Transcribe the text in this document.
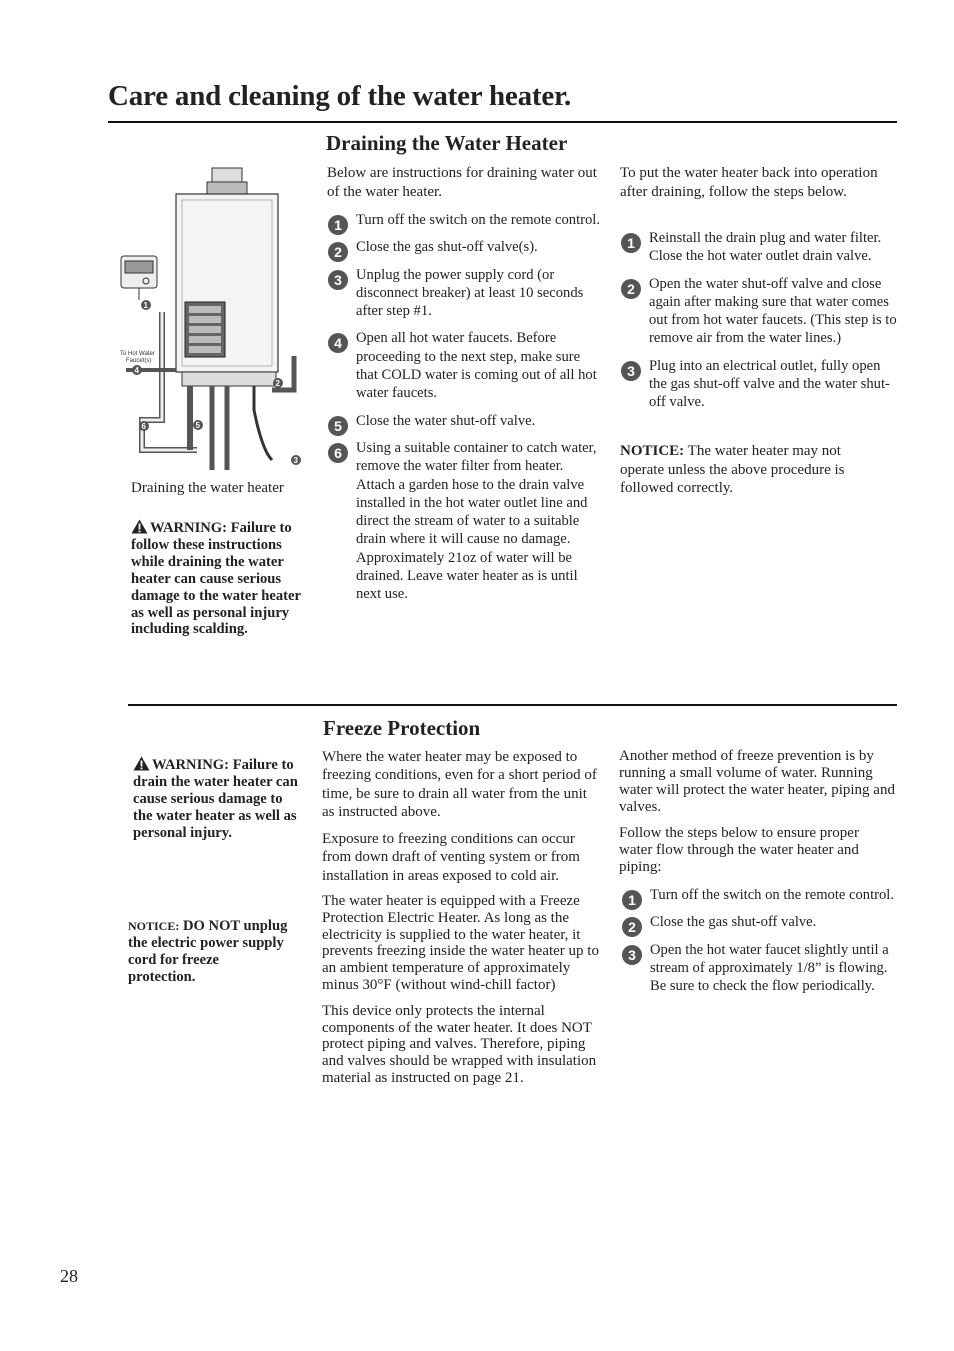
Care and cleaning of the water heater.
To Hot Water
Faucet(s)
1
2
3
4
5
6
Draining the water heater

WARNING: Failure to follow these instructions while draining the water heater can cause serious damage to the water heater as well as personal injury including scalding.

Draining the Water Heater

Below are instructions for draining water out of the water heater.

1 Turn off the switch on the remote control.
2 Close the gas shut-off valve(s).
3 Unplug the power supply cord (or disconnect breaker) at least 10 seconds after step #1.
4 Open all hot water faucets. Before proceeding to the next step, make sure that COLD water is coming out of all hot water faucets.
5 Close the water shut-off valve.
6 Using a suitable container to catch water, remove the water filter from heater. Attach a garden hose to the drain valve installed in the hot water outlet line and direct the stream of water to a suitable drain where it will cause no damage. Approximately 21oz of water will be drained. Leave water heater as is until next use.

To put the water heater back into operation after draining, follow the steps below.

1 Reinstall the drain plug and water filter. Close the hot water outlet drain valve.
2 Open the water shut-off valve and close again after making sure that water comes out from hot water faucets. (This step is to remove air from the water lines.)
3 Plug into an electrical outlet, fully open the gas shut-off valve and the water shut-off valve.

NOTICE: The water heater may not operate unless the above procedure is followed correctly.

Freeze Protection

WARNING: Failure to drain the water heater can cause serious damage to the water heater as well as personal injury.

NOTICE: DO NOT unplug the electric power supply cord for freeze protection.

Where the water heater may be exposed to freezing conditions, even for a short period of time, be sure to drain all water from the unit as instructed above.

Exposure to freezing conditions can occur from down draft of venting system or from installation in areas exposed to cold air.

The water heater is equipped with a Freeze Protection Electric Heater. As long as the electricity is supplied to the water heater, it prevents freezing inside the water heater up to an ambient temperature of approximately minus 30°F (without wind-chill factor)

This device only protects the internal components of the water heater. It does NOT protect piping and valves. Therefore, piping and valves should be wrapped with insulation material as instructed on page 21.

Another method of freeze prevention is by running a small volume of water. Running water will protect the water heater, piping and valves.

Follow the steps below to ensure proper water flow through the water heater and piping:

1 Turn off the switch on the remote control.
2 Close the gas shut-off valve.
3 Open the hot water faucet slightly until a stream of approximately 1/8” is flowing. Be sure to check the flow periodically.
28
